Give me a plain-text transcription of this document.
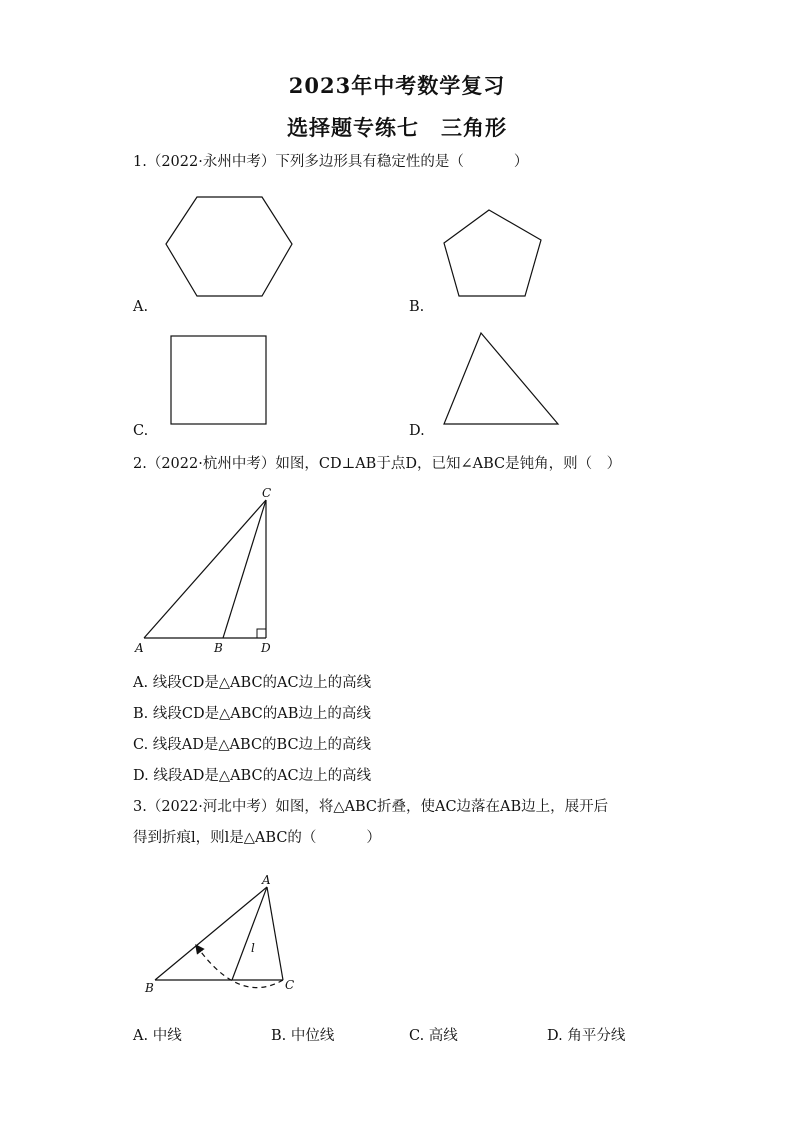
2023年中考数学复习
选择题专练七　三角形
1.（2022·永州中考）下列多边形具有稳定性的是（	）
A.	B.
C.	D.
2.（2022·杭州中考）如图，CD⊥AB于点D，已知∠ABC是钝角，则（　）
C
A	B	D
A. 线段CD是△ABC的AC边上的高线
B. 线段CD是△ABC的AB边上的高线
C. 线段AD是△ABC的BC边上的高线
D. 线段AD是△ABC的AC边上的高线
3.（2022·河北中考）如图，将△ABC折叠，使AC边落在AB边上，展开后
得到折痕l，则l是△ABC的（	）
A
l
B	C
A. 中线	B. 中位线	C. 高线	D. 角平分线
